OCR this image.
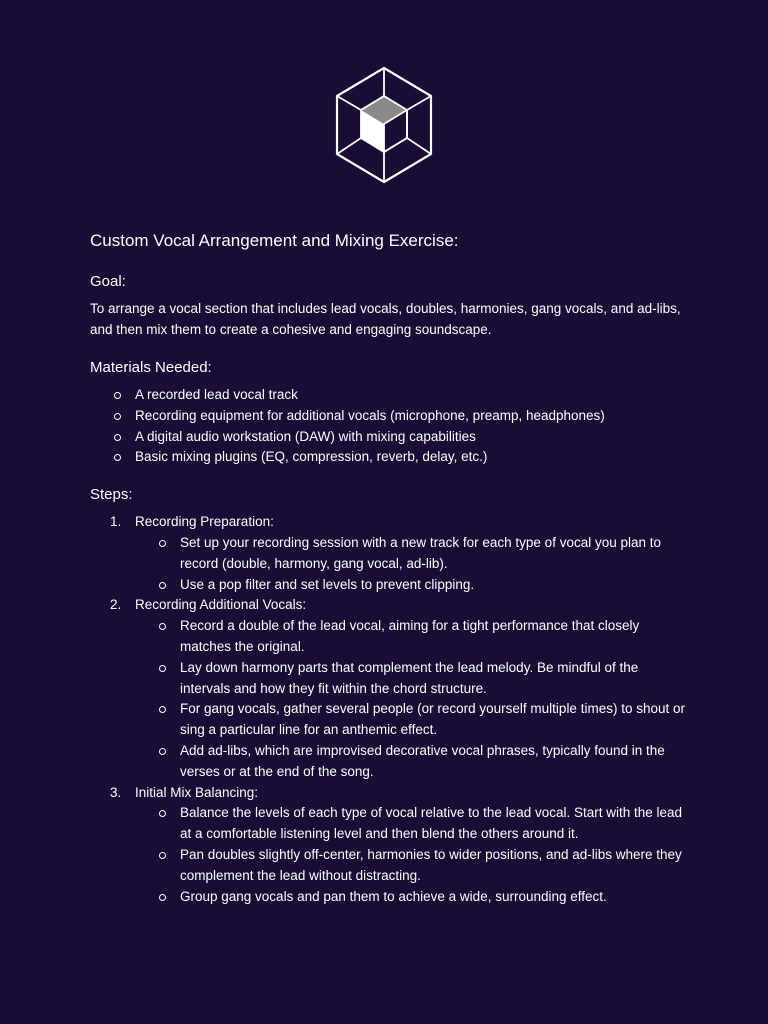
Custom Vocal Arrangement and Mixing Exercise:
Goal:

To arrange a vocal section that includes lead vocals, doubles, harmonies, gang vocals, and ad-libs, and then mix them to create a cohesive and engaging soundscape.

Materials Needed:
A recorded lead vocal track
Recording equipment for additional vocals (microphone, preamp, headphones)
A digital audio workstation (DAW) with mixing capabilities
Basic mixing plugins (EQ, compression, reverb, delay, etc.)
Steps:
1. Recording Preparation:
Set up your recording session with a new track for each type of vocal you plan to record (double, harmony, gang vocal, ad-lib).
Use a pop filter and set levels to prevent clipping.
2. Recording Additional Vocals:
Record a double of the lead vocal, aiming for a tight performance that closely matches the original.
Lay down harmony parts that complement the lead melody. Be mindful of the intervals and how they fit within the chord structure.
For gang vocals, gather several people (or record yourself multiple times) to shout or sing a particular line for an anthemic effect.
Add ad-libs, which are improvised decorative vocal phrases, typically found in the verses or at the end of the song.
3. Initial Mix Balancing:
Balance the levels of each type of vocal relative to the lead vocal. Start with the lead at a comfortable listening level and then blend the others around it.
Pan doubles slightly off-center, harmonies to wider positions, and ad-libs where they complement the lead without distracting.
Group gang vocals and pan them to achieve a wide, surrounding effect.
